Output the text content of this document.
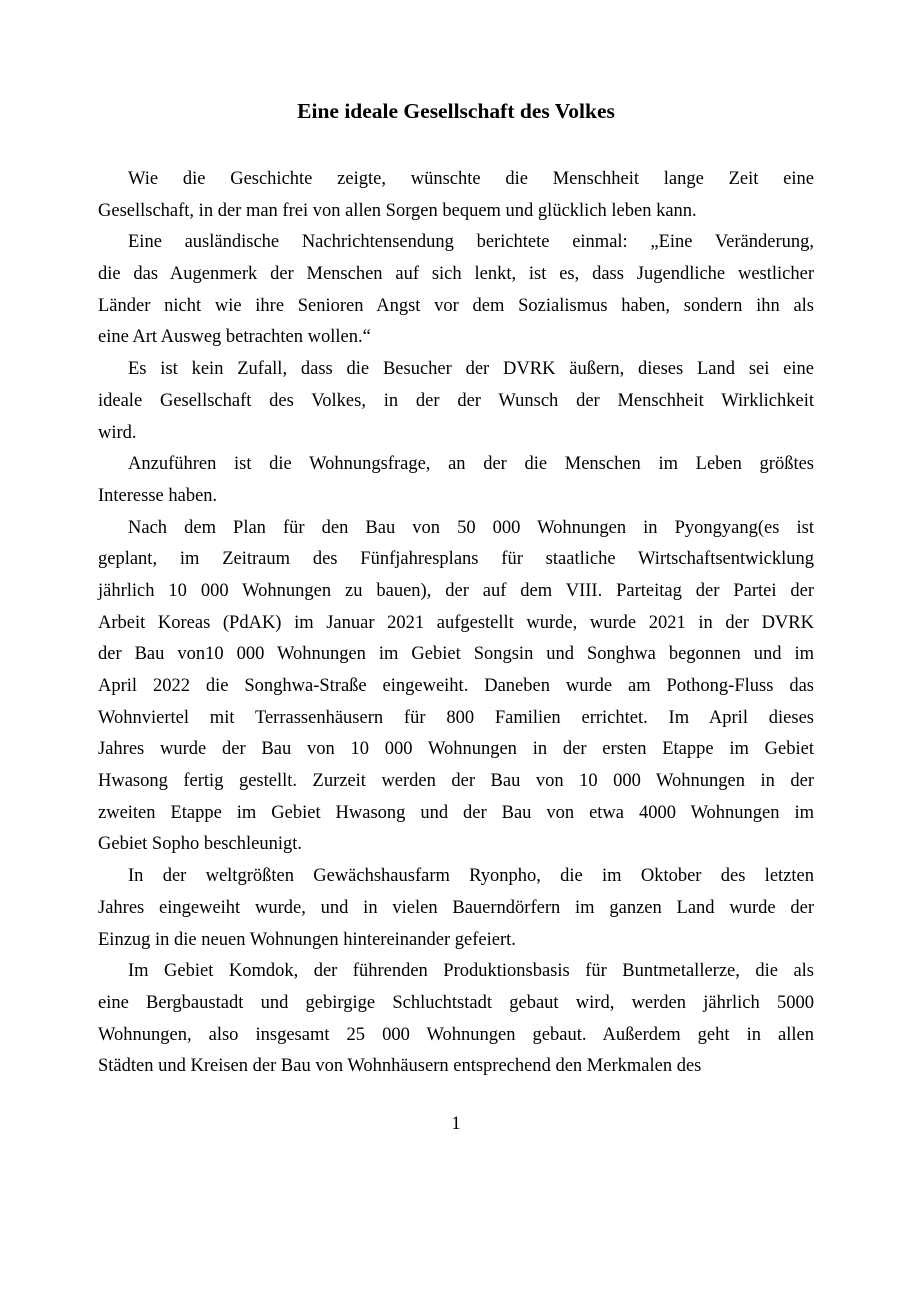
Eine ideale Gesellschaft des Volkes
Wie die Geschichte zeigte, wünschte die Menschheit lange Zeit eine
Gesellschaft, in der man frei von allen Sorgen bequem und glücklich leben kann.
Eine ausländische Nachrichtensendung berichtete einmal: „Eine Veränderung,
die das Augenmerk der Menschen auf sich lenkt, ist es, dass Jugendliche westlicher
Länder nicht wie ihre Senioren Angst vor dem Sozialismus haben, sondern ihn als
eine Art Ausweg betrachten wollen.“
Es ist kein Zufall, dass die Besucher der DVRK äußern, dieses Land sei eine
ideale Gesellschaft des Volkes, in der der Wunsch der Menschheit Wirklichkeit
wird.
Anzuführen ist die Wohnungsfrage, an der die Menschen im Leben größtes
Interesse haben.
Nach dem Plan für den Bau von 50 000 Wohnungen in Pyongyang(es ist
geplant, im Zeitraum des Fünfjahresplans für staatliche Wirtschaftsentwicklung
jährlich 10 000 Wohnungen zu bauen), der auf dem VIII. Parteitag der Partei der
Arbeit Koreas (PdAK) im Januar 2021 aufgestellt wurde, wurde 2021 in der DVRK
der Bau von10 000 Wohnungen im Gebiet Songsin und Songhwa begonnen und im
April 2022 die Songhwa-Straße eingeweiht. Daneben wurde am Pothong-Fluss das
Wohnviertel mit Terrassenhäusern für 800 Familien errichtet. Im April dieses
Jahres wurde der Bau von 10 000 Wohnungen in der ersten Etappe im Gebiet
Hwasong fertig gestellt. Zurzeit werden der Bau von 10 000 Wohnungen in der
zweiten Etappe im Gebiet Hwasong und der Bau von etwa 4000 Wohnungen im
Gebiet Sopho beschleunigt.
In der weltgrößten Gewächshausfarm Ryonpho, die im Oktober des letzten
Jahres eingeweiht wurde, und in vielen Bauerndörfern im ganzen Land wurde der
Einzug in die neuen Wohnungen hintereinander gefeiert.
Im Gebiet Komdok, der führenden Produktionsbasis für Buntmetallerze, die als
eine Bergbaustadt und gebirgige Schluchtstadt gebaut wird, werden jährlich 5000
Wohnungen, also insgesamt 25 000 Wohnungen gebaut. Außerdem geht in allen
Städten und Kreisen der Bau von Wohnhäusern entsprechend den Merkmalen des
1
